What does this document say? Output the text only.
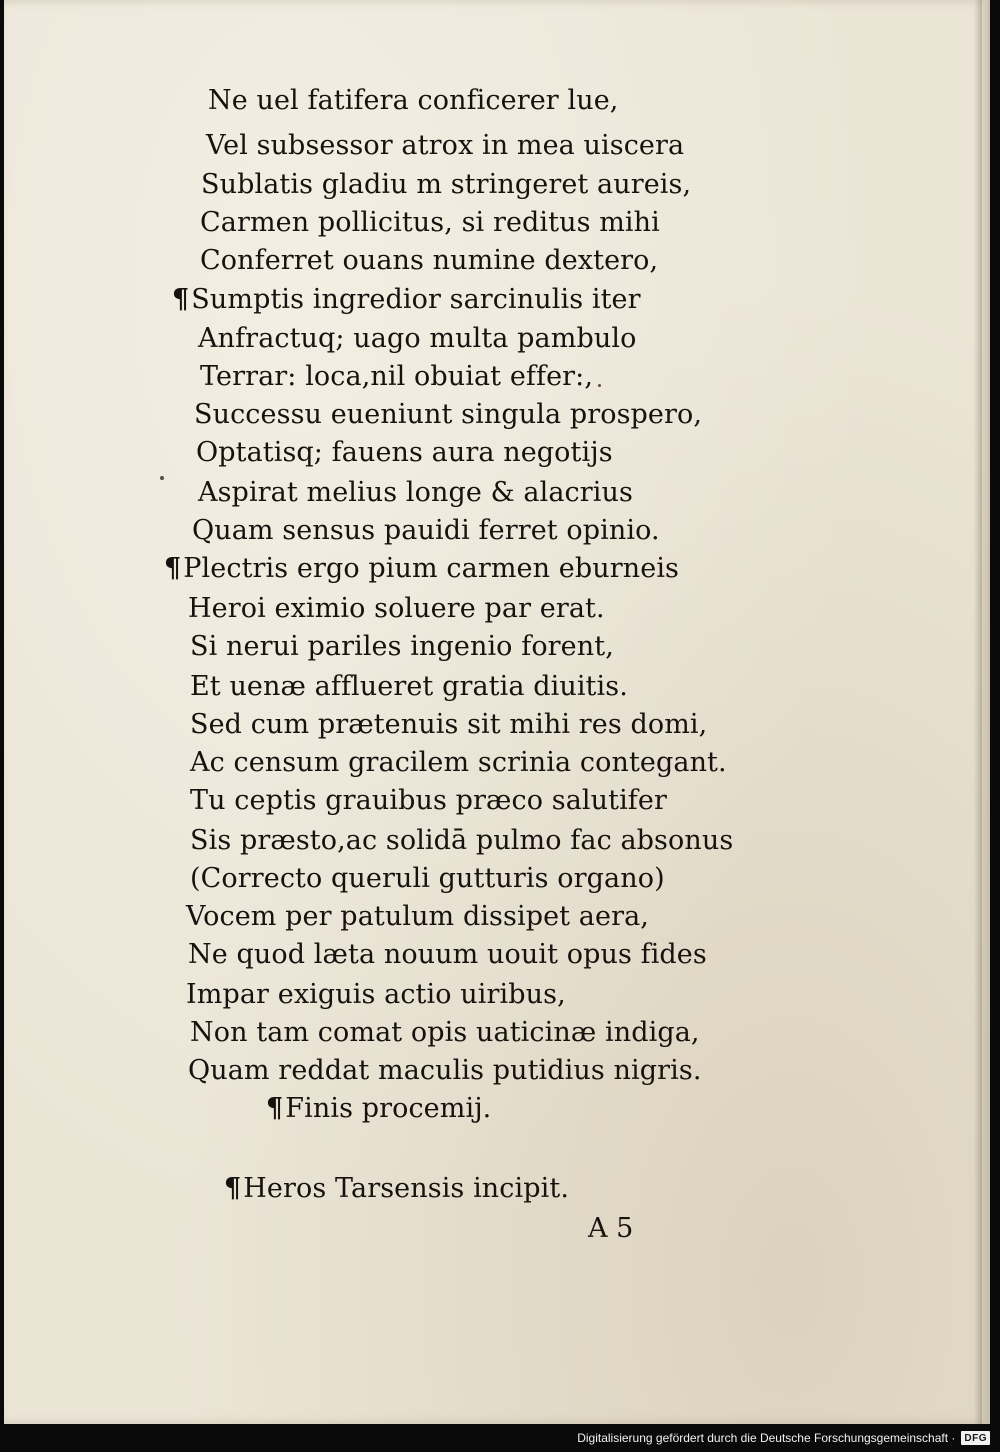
Ne uel fatifera conficerer lue,
Vel subsessor atrox in mea uiscera
Sublatis gladiu m stringeret aureis,
Carmen pollicitus, si reditus mihi
Conferret ouans numine dextero,
¶Sumptis ingredior sarcinulis iter
Anfractuq; uago multa pambulo
Terrar: loca,nil obuiat effer:,
Successu eueniunt singula prospero,
Optatisq; fauens aura negotijs
Aspirat melius longe & alacrius
Quam sensus pauidi ferret opinio.
¶Plectris ergo pium carmen eburneis
Heroi eximio soluere par erat.
Si nerui pariles ingenio forent,
Et uenæ afflueret gratia diuitis.
Sed cum prætenuis sit mihi res domi,
Ac censum gracilem scrinia contegant.
Tu ceptis grauibus præco salutifer
Sis præsto,ac solidā pulmo fac absonus
(Correcto queruli gutturis organo)
Vocem per patulum dissipet aera,
Ne quod læta nouum uouit opus fides
Impar exiguis actio uiribus,
Non tam comat opis uaticinæ indiga,
Quam reddat maculis putidius nigris.
¶Finis procemij.
¶Heros Tarsensis incipit.
A 5
Digitalisierung gefördert durch die Deutsche Forschungsgemeinschaft · DFG
